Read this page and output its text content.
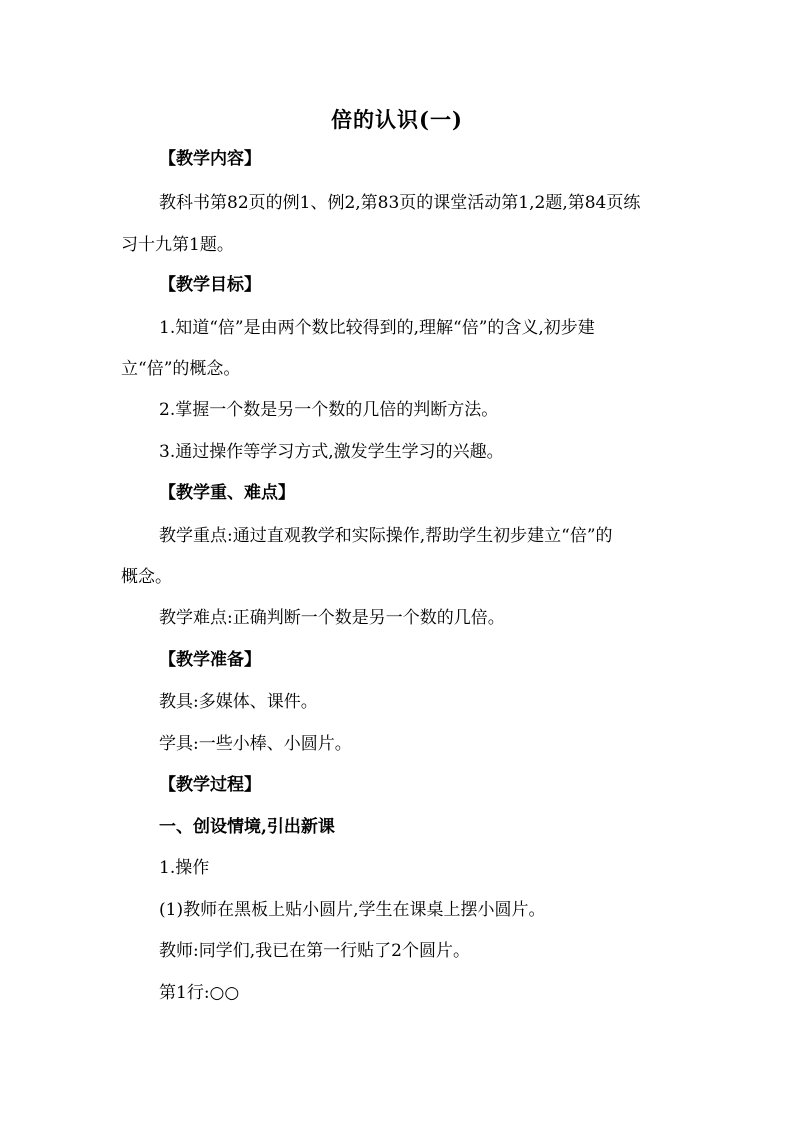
倍的认识(一)
【教学内容】
教科书第82页的例1、例2,第83页的课堂活动第1,2题,第84页练
习十九第1题。
【教学目标】
1.知道“倍”是由两个数比较得到的,理解“倍”的含义,初步建
立“倍”的概念。
2.掌握一个数是另一个数的几倍的判断方法。
3.通过操作等学习方式,激发学生学习的兴趣。
【教学重、难点】
教学重点:通过直观教学和实际操作,帮助学生初步建立“倍”的
概念。
教学难点:正确判断一个数是另一个数的几倍。
【教学准备】
教具:多媒体、课件。
学具:一些小棒、小圆片。
【教学过程】
一、创设情境,引出新课
1.操作
(1)教师在黑板上贴小圆片,学生在课桌上摆小圆片。
教师:同学们,我已在第一行贴了2个圆片。
第1行:○○
